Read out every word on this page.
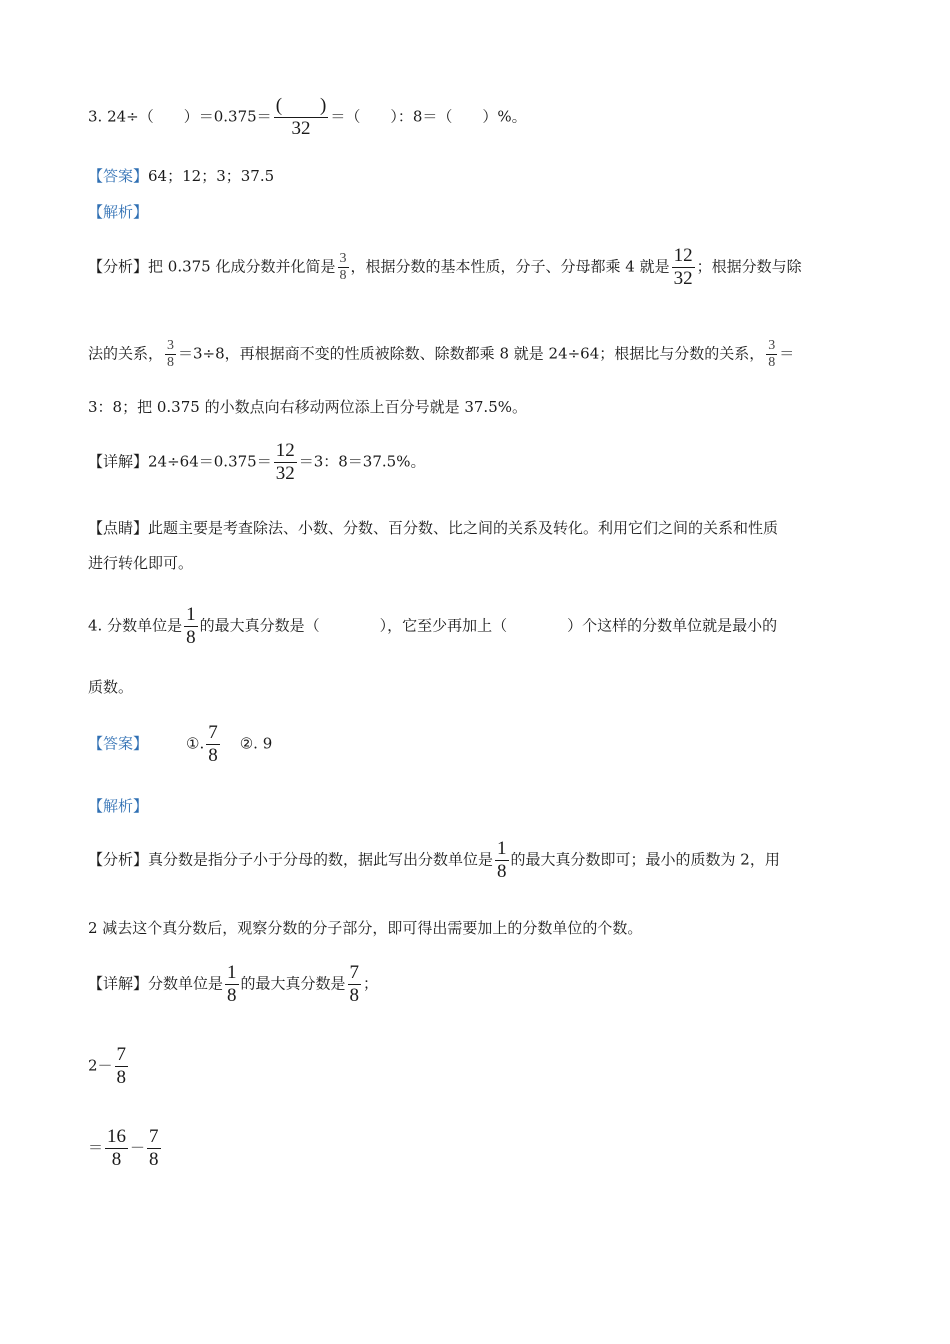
3. 24÷（　　）$=0.375= \frac{( )}{32}$ ＝（　　）：8＝（　　）%。
【答案】64；12；3；37.5
【解析】
【分析】把 0.375 化成分数并化简是 $\frac{3}{8}$ ，根据分数的基本性质，分子、分母都乘 4 就是 $\frac{12}{32}$ ；根据分数与除
法的关系， $\frac{3}{8} =3\div 8$，再根据商不变的性质被除数、除数都乘 8 就是 24÷64；根据比与分数的关系， $\frac{3}{8}$ ＝
3：8；把 0.375 的小数点向右移动两位添上百分号就是 37.5%。
【详解】$24\div 64=0.375= \frac{12}{32} =3$：8＝37.5%。
【点睛】此题主要是考查除法、小数、分数、百分数、比之间的关系及转化。利用它们之间的关系和性质
进行转化即可。
4. 分数单位是 $\frac{1}{8}$ 的最大真分数是（　　　　），它至少再加上（　　　　）个这样的分数单位就是最小的
质数。
【答案】	①. $\frac{7}{8}$ ②. 9
【解析】
【分析】真分数是指分子小于分母的数，据此写出分数单位是 $\frac{1}{8}$ 的最大真分数即可；最小的质数为 2，用
2 减去这个真分数后，观察分数的分子部分，即可得出需要加上的分数单位的个数。
【详解】分数单位是 $\frac{1}{8}$ 的最大真分数是 $\frac{7}{8}$ ；
$2- \frac{7}{8}$
＝ $\frac{16}{8} - \frac{7}{8}$
